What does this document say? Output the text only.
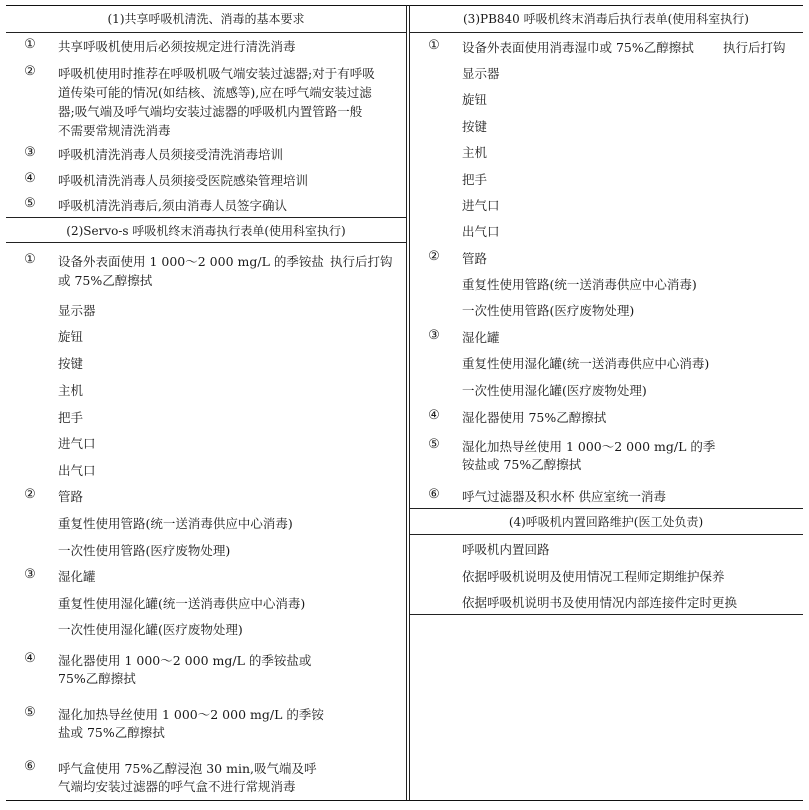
(1)共享呼吸机清洗、消毒的基本要求
①	共享呼吸机使用后必须按规定进行清洗消毒
②	呼吸机使用时推荐在呼吸机吸气端安装过滤器;对于有呼吸
道传染可能的情况(如结核、流感等),应在呼气端安装过滤
器;吸气端及呼气端均安装过滤器的呼吸机内置管路一般
不需要常规清洗消毒
③	呼吸机清洗消毒人员须接受清洗消毒培训
④	呼吸机清洗消毒人员须接受医院感染管理培训
⑤	呼吸机清洗消毒后,须由消毒人员签字确认
(2)Servo-s 呼吸机终末消毒执行表单(使用科室执行)
①	设备外表面使用 1 000～2 000 mg/L 的季铵盐 执行后打钩
或 75%乙醇擦拭
显示器
旋钮
按键
主机
把手
进气口
出气口
②	管路
重复性使用管路(统一送消毒供应中心消毒)
一次性使用管路(医疗废物处理)
③	湿化罐
重复性使用湿化罐(统一送消毒供应中心消毒)
一次性使用湿化罐(医疗废物处理)
④	湿化器使用 1 000～2 000 mg/L 的季铵盐或
75%乙醇擦拭
⑤	湿化加热导丝使用 1 000～2 000 mg/L 的季铵
盐或 75%乙醇擦拭
⑥	呼气盒使用 75%乙醇浸泡 30 min,吸气端及呼
气端均安装过滤器的呼气盒不进行常规消毒
(3)PB840 呼吸机终末消毒后执行表单(使用科室执行)
①	设备外表面使用消毒湿巾或 75%乙醇擦拭 执行后打钩
显示器
旋钮
按键
主机
把手
进气口
出气口
②	管路
重复性使用管路(统一送消毒供应中心消毒)
一次性使用管路(医疗废物处理)
③	湿化罐
重复性使用湿化罐(统一送消毒供应中心消毒)
一次性使用湿化罐(医疗废物处理)
④	湿化器使用 75%乙醇擦拭
⑤	湿化加热导丝使用 1 000～2 000 mg/L 的季
铵盐或 75%乙醇擦拭
⑥	呼气过滤器及积水杯 供应室统一消毒
(4)呼吸机内置回路维护(医工处负责)
呼吸机内置回路
依据呼吸机说明及使用情况工程师定期维护保养
依据呼吸机说明书及使用情况内部连接件定时更换
